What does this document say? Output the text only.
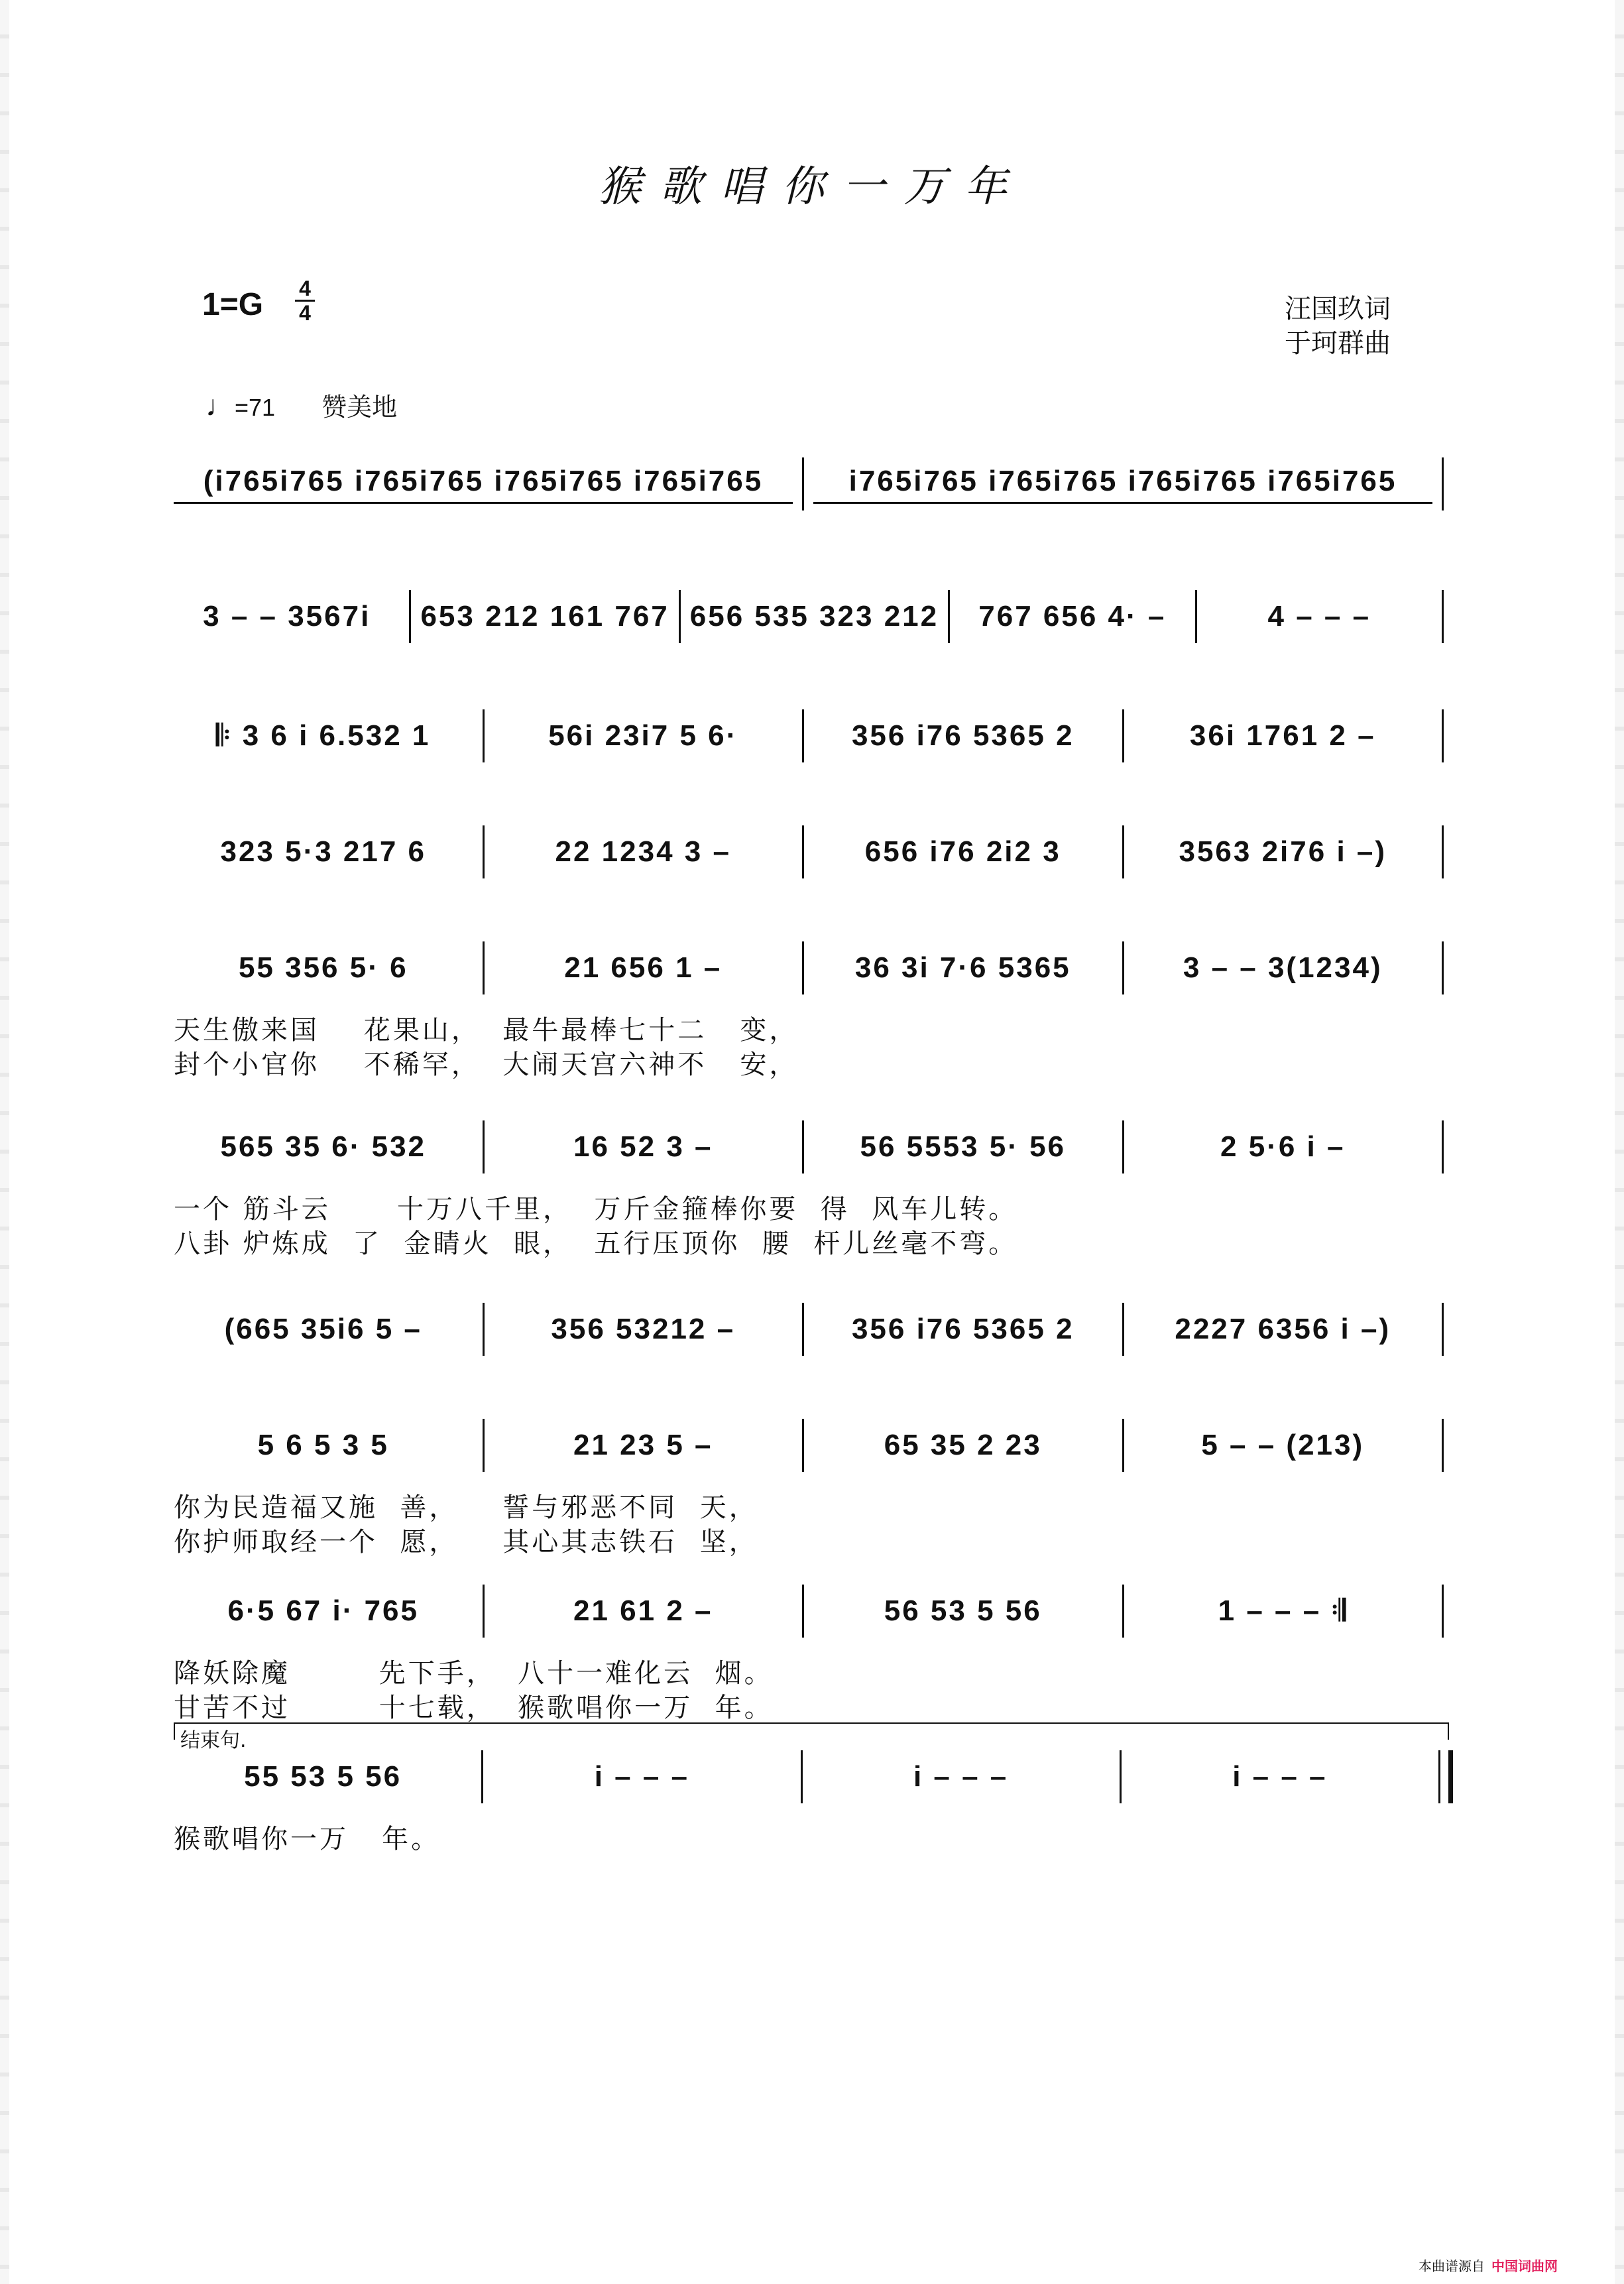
猴歌唱你一万年
1=G 4
4	汪国玖词
于珂群曲
♩=71 赞美地
(i765i765 i765i765 i765i765 i765i765	i765i765 i765i765 i765i765 i765i765
3 – – 3567i	653 212 161 767 656 535 323 212	767 656 4· –	4 – – –
𝄆 3 6 i 6.532 1	56i 23i7 5 6·	356 i76 5365 2	36i 1761 2 –
323 5·3 217 6	22 1234 3 –	656 i76 2i2 3	3563 2i76 i –)
55 356 5· 6	21 656 1 –	36 3i 7·6 5365	3 – – 3(1234)
天生傲来国    花果山，  最牛最棒七十二   变，
封个小官你    不稀罕，  大闹天宫六神不   安，
565 35 6· 532	16 52 3 –	56 5553 5· 56	2 5·6 i –
一个 筋斗云      十万八千里，  万斤金箍棒你要  得  风车儿转。
八卦 炉炼成  了  金睛火  眼，  五行压顶你  腰  杆儿丝毫不弯。
(665 35i6 5 –	356 53212 –	356 i76 5365 2	2227 6356 i –)
5 6 5 3 5	21 23 5 –	65 35 2 23	5 – – (213)
你为民造福又施  善，    誓与邪恶不同  天，
你护师取经一个  愿，    其心其志铁石  坚，
6·5 67 i· 765	21 61 2 –	56 53 5 56	1 – – – 𝄇
降妖除魔        先下手，  八十一难化云  烟。
甘苦不过        十七载，  猴歌唱你一万  年。
55 53 5 56	i – – –	i – – –	i – – –
猴歌唱你一万   年。
结束句.
本曲谱源自 中国词曲网
